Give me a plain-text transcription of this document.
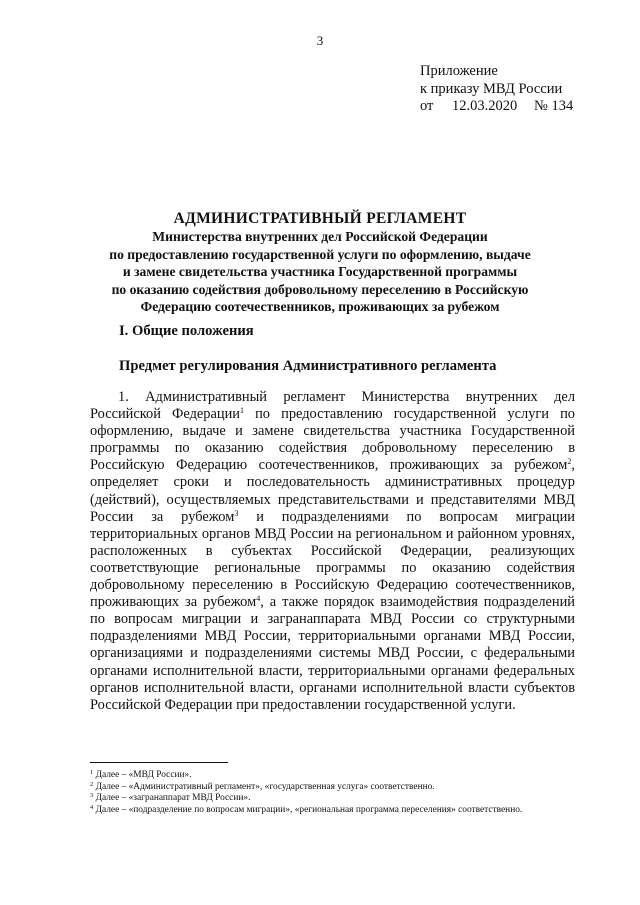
3
Приложение
к приказу МВД России
от 12.03.2020 № 134
АДМИНИСТРАТИВНЫЙ РЕГЛАМЕНТ
Министерства внутренних дел Российской Федерации
по предоставлению государственной услуги по оформлению, выдаче
и замене свидетельства участника Государственной программы
по оказанию содействия добровольному переселению в Российскую
Федерацию соотечественников, проживающих за рубежом
I. Общие положения
Предмет регулирования Административного регламента
1. Административный регламент Министерства внутренних дел Российской Федерации$^1$ по предоставлению государственной услуги по оформлению, выдаче и замене свидетельства участника Государственной программы по оказанию содействия добровольному переселению в Российскую Федерацию соотечественников, проживающих за рубежом$^2$, определяет сроки и последовательность административных процедур (действий), осуществляемых представительствами и представителями МВД России за рубежом$^3$ и подразделениями по вопросам миграции территориальных органов МВД России на региональном и районном уровнях, расположенных в субъектах Российской Федерации, реализующих соответствующие региональные программы по оказанию содействия добровольному переселению в Российскую Федерацию соотечественников, проживающих за рубежом$^4$, а также порядок взаимодействия подразделений по вопросам миграции и загранаппарата МВД России со структурными подразделениями МВД России, территориальными органами МВД России, организациями и подразделениями системы МВД России, с федеральными органами исполнительной власти, территориальными органами федеральных органов исполнительной власти, органами исполнительной власти субъектов Российской Федерации при предоставлении государственной услуги.
$^1$ Далее – «МВД России».
$^2$ Далее – «Административный регламент», «государственная услуга» соответственно.
$^3$ Далее – «загранаппарат МВД России».
$^4$ Далее – «подразделение по вопросам миграции», «региональная программа переселения» соответственно.
